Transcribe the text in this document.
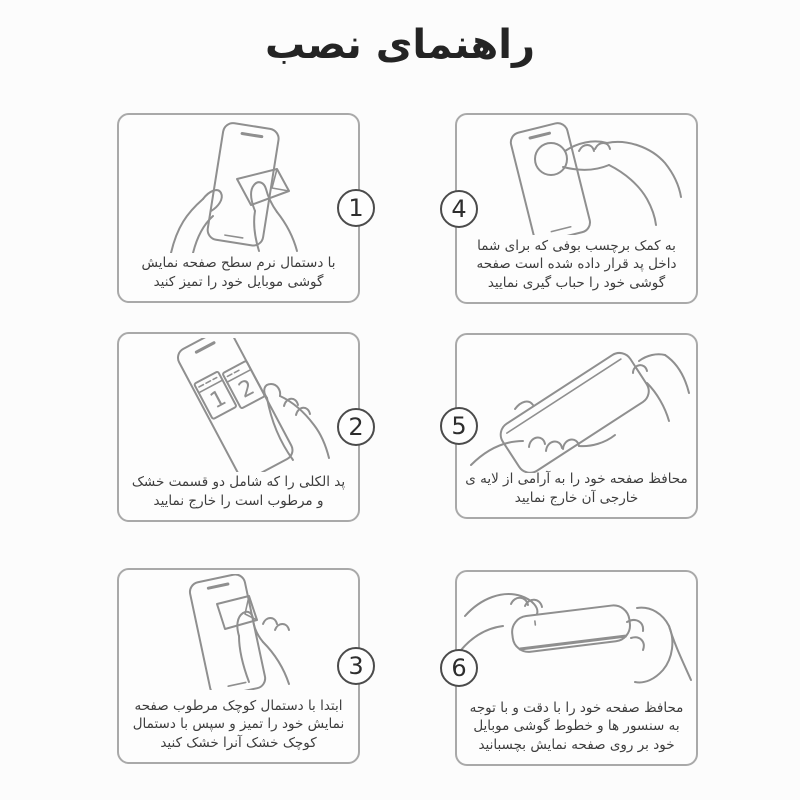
راهنمای نصب
1

با دستمال نرم سطح صفحه نمایش
گوشی موبایل خود را تمیز کنید

1 2
2

پد الکلی را که شامل دو قسمت خشک
و مرطوب است را خارج نمایید

3

ابتدا با دستمال کوچک مرطوب صفحه
نمایش خود را تمیز و سپس با دستمال
کوچک خشک آنرا خشک کنید

4

به کمک برچسب بوفی که برای شما
داخل پد قرار داده شده است صفحه
گوشی خود را حباب گیری نمایید

5

محافظ صفحه خود را به آرامی از لایه ی
خارجی آن خارج نمایید

6

محافظ صفحه خود را با دقت و با توجه
به سنسور ها و خطوط گوشی موبایل
خود بر روی صفحه نمایش بچسبانید
